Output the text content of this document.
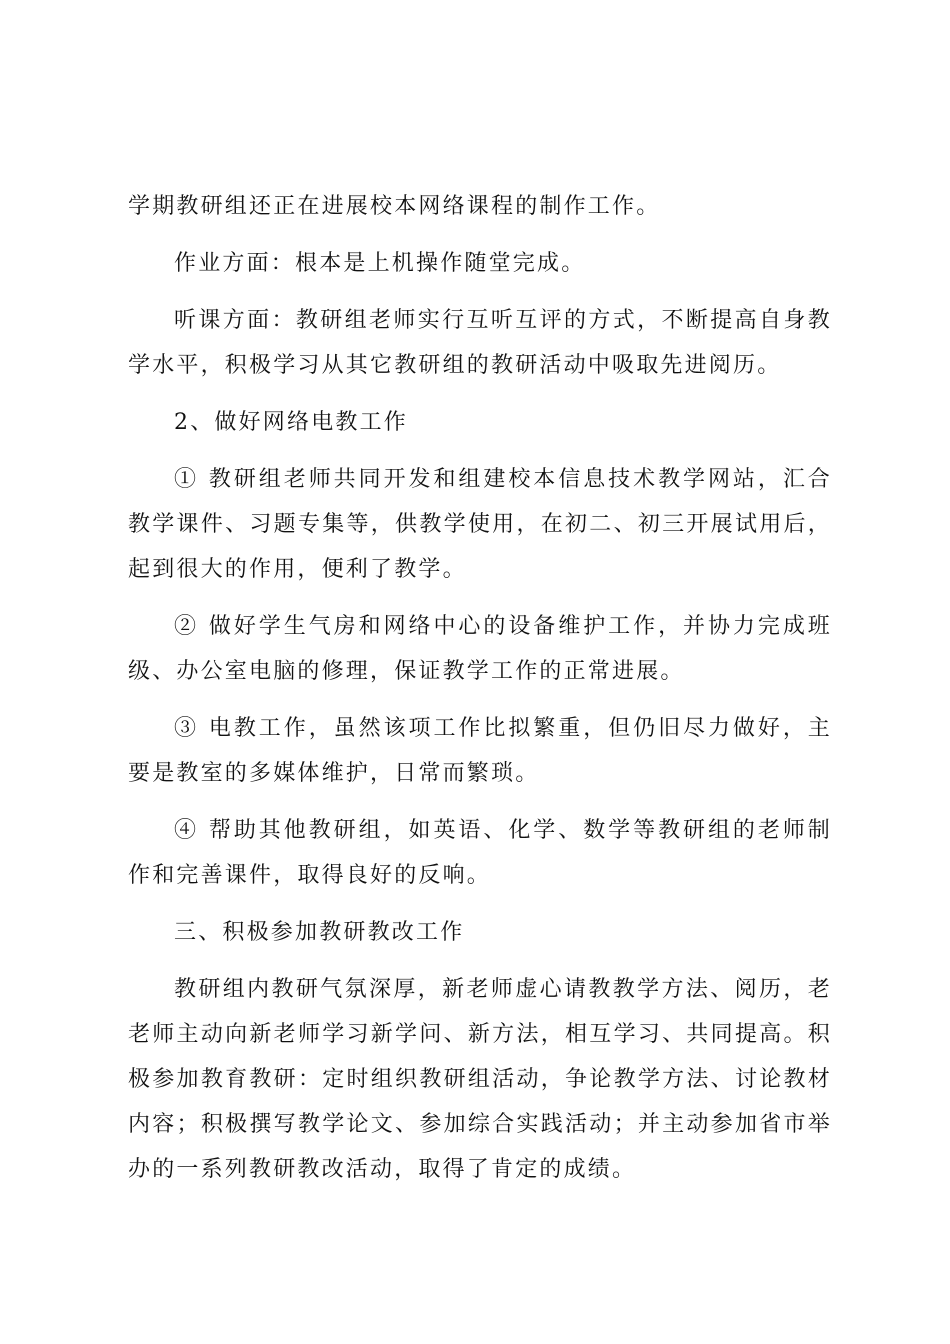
学期教研组还正在进展校本网络课程的制作工作。

作业方面：根本是上机操作随堂完成。

听课方面：教研组老师实行互听互评的方式，不断提高自身教学水平，积极学习从其它教研组的教研活动中吸取先进阅历。

2、做好网络电教工作

① 教研组老师共同开发和组建校本信息技术教学网站，汇合教学课件、习题专集等，供教学使用，在初二、初三开展试用后，起到很大的作用，便利了教学。

② 做好学生气房和网络中心的设备维护工作，并协力完成班级、办公室电脑的修理，保证教学工作的正常进展。

③ 电教工作，虽然该项工作比拟繁重，但仍旧尽力做好，主要是教室的多媒体维护，日常而繁琐。

④ 帮助其他教研组，如英语、化学、数学等教研组的老师制作和完善课件，取得良好的反响。

三、积极参加教研教改工作

教研组内教研气氛深厚，新老师虚心请教教学方法、阅历，老老师主动向新老师学习新学问、新方法，相互学习、共同提高。积极参加教育教研：定时组织教研组活动，争论教学方法、讨论教材内容；积极撰写教学论文、参加综合实践活动；并主动参加省市举办的一系列教研教改活动，取得了肯定的成绩。
